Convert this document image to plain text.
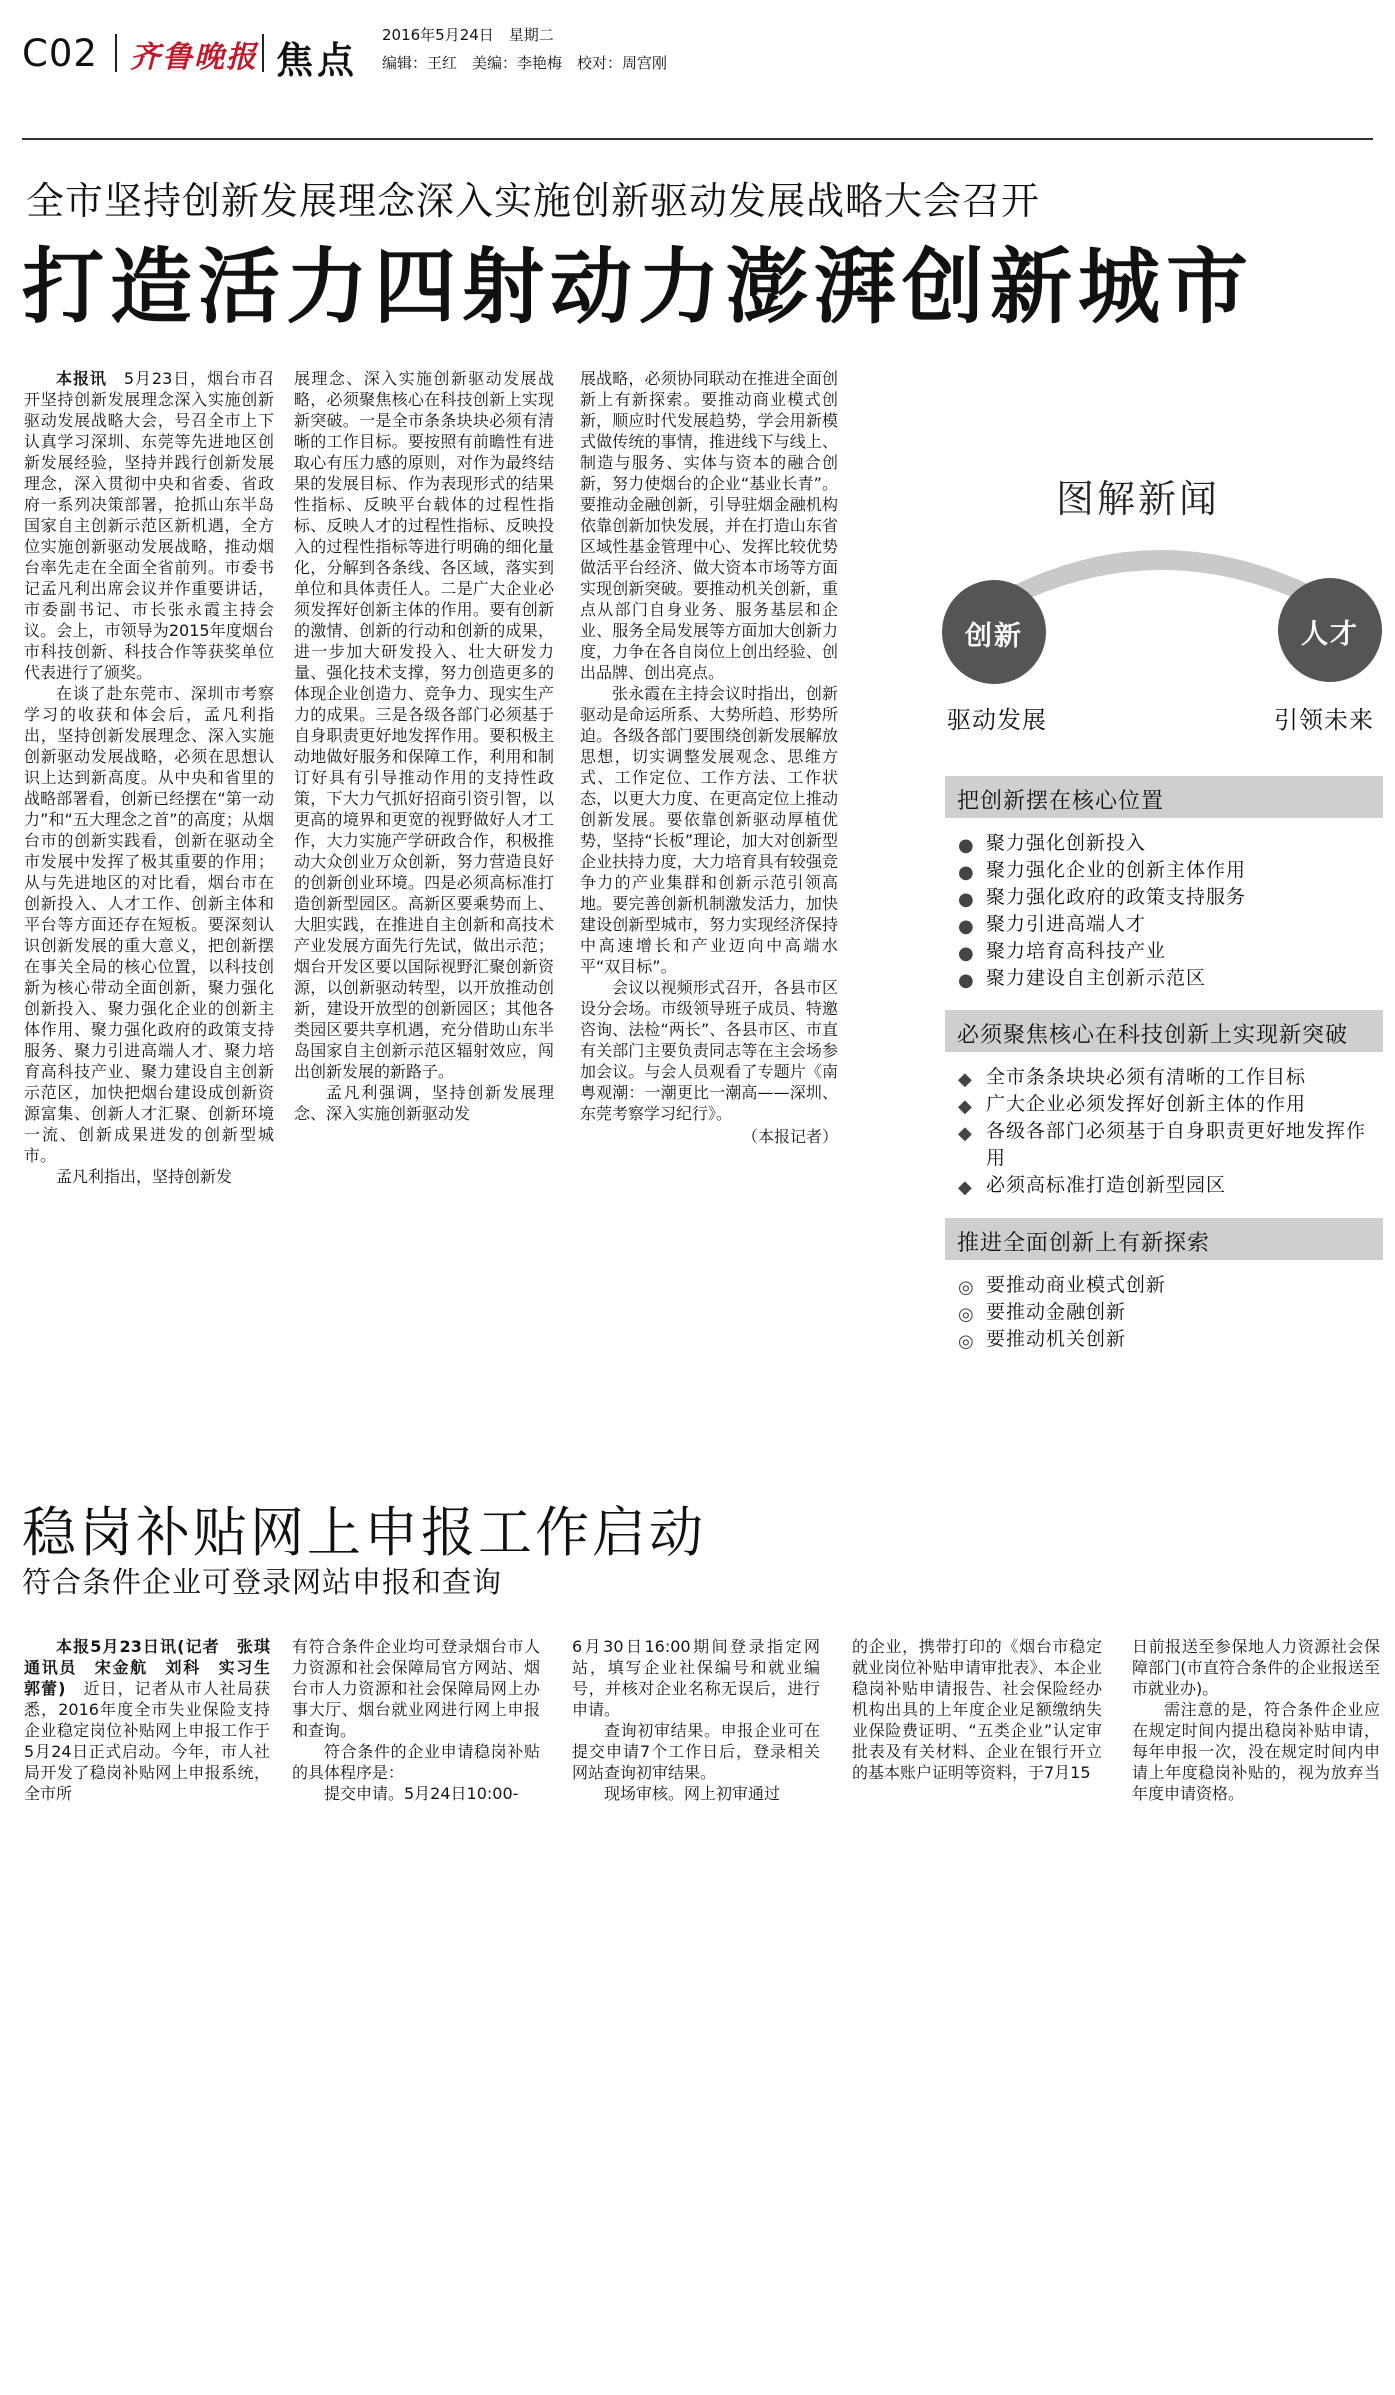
C02 齐鲁晚报 焦点
2016年5月24日　星期二
编辑：王红　美编：李艳梅　校对：周宫刚
全市坚持创新发展理念深入实施创新驱动发展战略大会召开
打造活力四射动力澎湃创新城市

本报讯　5月23日，烟台市召开坚持创新发展理念深入实施创新驱动发展战略大会，号召全市上下认真学习深圳、东莞等先进地区创新发展经验，坚持并践行创新发展理念，深入贯彻中央和省委、省政府一系列决策部署，抢抓山东半岛国家自主创新示范区新机遇，全方位实施创新驱动发展战略，推动烟台率先走在全面全省前列。市委书记孟凡利出席会议并作重要讲话，市委副书记、市长张永霞主持会议。会上，市领导为2015年度烟台市科技创新、科技合作等获奖单位代表进行了颁奖。

在谈了赴东莞市、深圳市考察学习的收获和体会后，孟凡利指出，坚持创新发展理念、深入实施创新驱动发展战略，必须在思想认识上达到新高度。从中央和省里的战略部署看，创新已经摆在“第一动力”和“五大理念之首”的高度；从烟台市的创新实践看，创新在驱动全市发展中发挥了极其重要的作用；从与先进地区的对比看，烟台市在创新投入、人才工作、创新主体和平台等方面还存在短板。要深刻认识创新发展的重大意义，把创新摆在事关全局的核心位置，以科技创新为核心带动全面创新，聚力强化创新投入、聚力强化企业的创新主体作用、聚力强化政府的政策支持服务、聚力引进高端人才、聚力培育高科技产业、聚力建设自主创新示范区，加快把烟台建设成创新资源富集、创新人才汇聚、创新环境一流、创新成果迸发的创新型城市。

孟凡利指出，坚持创新发

展理念、深入实施创新驱动发展战略，必须聚焦核心在科技创新上实现新突破。一是全市条条块块必须有清晰的工作目标。要按照有前瞻性有进取心有压力感的原则，对作为最终结果的发展目标、作为表现形式的结果性指标、反映平台载体的过程性指标、反映人才的过程性指标、反映投入的过程性指标等进行明确的细化量化，分解到各条线、各区域，落实到单位和具体责任人。二是广大企业必须发挥好创新主体的作用。要有创新的激情、创新的行动和创新的成果，进一步加大研发投入、壮大研发力量、强化技术支撑，努力创造更多的体现企业创造力、竞争力、现实生产力的成果。三是各级各部门必须基于自身职责更好地发挥作用。要积极主动地做好服务和保障工作，利用和制订好具有引导推动作用的支持性政策，下大力气抓好招商引资引智，以更高的境界和更宽的视野做好人才工作，大力实施产学研政合作，积极推动大众创业万众创新，努力营造良好的创新创业环境。四是必须高标准打造创新型园区。高新区要乘势而上、大胆实践，在推进自主创新和高技术产业发展方面先行先试，做出示范；烟台开发区要以国际视野汇聚创新资源，以创新驱动转型，以开放推动创新，建设开放型的创新园区；其他各类园区要共享机遇，充分借助山东半岛国家自主创新示范区辐射效应，闯出创新发展的新路子。

孟凡利强调，坚持创新发展理念、深入实施创新驱动发

展战略，必须协同联动在推进全面创新上有新探索。要推动商业模式创新，顺应时代发展趋势，学会用新模式做传统的事情，推进线下与线上、制造与服务、实体与资本的融合创新，努力使烟台的企业“基业长青”。要推动金融创新，引导驻烟金融机构依靠创新加快发展，并在打造山东省区域性基金管理中心、发挥比较优势做活平台经济、做大资本市场等方面实现创新突破。要推动机关创新，重点从部门自身业务、服务基层和企业、服务全局发展等方面加大创新力度，力争在各自岗位上创出经验、创出品牌、创出亮点。

张永霞在主持会议时指出，创新驱动是命运所系、大势所趋、形势所迫。各级各部门要围绕创新发展解放思想，切实调整发展观念、思维方式、工作定位、工作方法、工作状态，以更大力度、在更高定位上推动创新发展。要依靠创新驱动厚植优势，坚持“长板”理论，加大对创新型企业扶持力度，大力培育具有较强竞争力的产业集群和创新示范引领高地。要完善创新机制激发活力，加快建设创新型城市，努力实现经济保持中高速增长和产业迈向中高端水平“双目标”。

会议以视频形式召开，各县市区设分会场。市级领导班子成员、特邀咨询、法检“两长”、各县市区、市直有关部门主要负责同志等在主会场参加会议。与会人员观看了专题片《南粤观潮：一潮更比一潮高——深圳、东莞考察学习纪行》。

（本报记者）
图解新闻
创新	人才
驱动发展	引领未来
把创新摆在核心位置
● 聚力强化创新投入
● 聚力强化企业的创新主体作用
● 聚力强化政府的政策支持服务
● 聚力引进高端人才
● 聚力培育高科技产业
● 聚力建设自主创新示范区
必须聚焦核心在科技创新上实现新突破
◆ 全市条条块块必须有清晰的工作目标
◆ 广大企业必须发挥好创新主体的作用
◆ 各级各部门必须基于自身职责更好地发挥作用
◆ 必须高标准打造创新型园区
推进全面创新上有新探索
◎ 要推动商业模式创新
◎ 要推动金融创新
◎ 要推动机关创新
稳岗补贴网上申报工作启动
符合条件企业可登录网站申报和查询

本报5月23日讯(记者　张琪　通讯员　宋金航　刘科　实习生　郭蕾)　近日，记者从市人社局获悉，2016年度全市失业保险支持企业稳定岗位补贴网上申报工作于5月24日正式启动。今年，市人社局开发了稳岗补贴网上申报系统，全市所

有符合条件企业均可登录烟台市人力资源和社会保障局官方网站、烟台市人力资源和社会保障局网上办事大厅、烟台就业网进行网上申报和查询。

符合条件的企业申请稳岗补贴的具体程序是：

提交申请。5月24日10:00-

6月30日16:00期间登录指定网站，填写企业社保编号和就业编号，并核对企业名称无误后，进行申请。

查询初审结果。申报企业可在提交申请7个工作日后，登录相关网站查询初审结果。

现场审核。网上初审通过

的企业，携带打印的《烟台市稳定就业岗位补贴申请审批表》、本企业稳岗补贴申请报告、社会保险经办机构出具的上年度企业足额缴纳失业保险费证明、“五类企业”认定审批表及有关材料、企业在银行开立的基本账户证明等资料，于7月15

日前报送至参保地人力资源社会保障部门(市直符合条件的企业报送至市就业办)。

需注意的是，符合条件企业应在规定时间内提出稳岗补贴申请，每年申报一次，没在规定时间内申请上年度稳岗补贴的，视为放弃当年度申请资格。
